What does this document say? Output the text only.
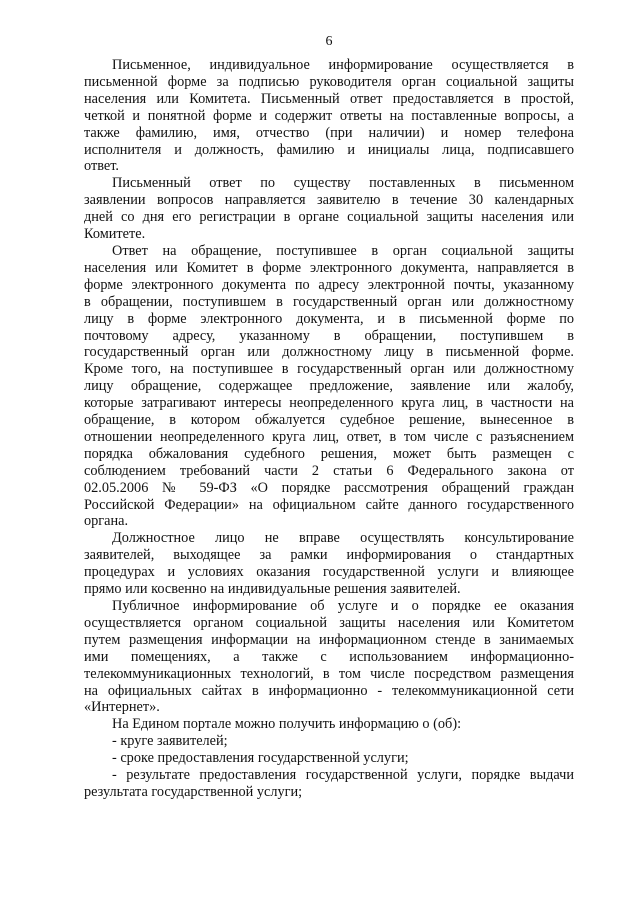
6
Письменное, индивидуальное информирование осуществляется в
письменной форме за подписью руководителя орган социальной защиты
населения или Комитета. Письменный ответ предоставляется в простой,
четкой и понятной форме и содержит ответы на поставленные вопросы, а
также фамилию, имя, отчество (при наличии) и номер телефона
исполнителя и должность, фамилию и инициалы лица, подписавшего
ответ.
Письменный ответ по существу поставленных в письменном
заявлении вопросов направляется заявителю в течение 30 календарных
дней со дня его регистрации в органе социальной защиты населения или
Комитете.
Ответ на обращение, поступившее в орган социальной защиты
населения или Комитет в форме электронного документа, направляется в
форме электронного документа по адресу электронной почты, указанному
в обращении, поступившем в государственный орган или должностному
лицу в форме электронного документа, и в письменной форме по
почтовому адресу, указанному в обращении, поступившем в
государственный орган или должностному лицу в письменной форме.
Кроме того, на поступившее в государственный орган или должностному
лицу обращение, содержащее предложение, заявление или жалобу,
которые затрагивают интересы неопределенного круга лиц, в частности на
обращение, в котором обжалуется судебное решение, вынесенное в
отношении неопределенного круга лиц, ответ, в том числе с разъяснением
порядка обжалования судебного решения, может быть размещен с
соблюдением требований части 2 статьи 6 Федерального закона от
02.05.2006 № 59-ФЗ «О порядке рассмотрения обращений граждан
Российской Федерации» на официальном сайте данного государственного
органа.
Должностное лицо не вправе осуществлять консультирование
заявителей, выходящее за рамки информирования о стандартных
процедурах и условиях оказания государственной услуги и влияющее
прямо или косвенно на индивидуальные решения заявителей.
Публичное информирование об услуге и о порядке ее оказания
осуществляется органом социальной защиты населения или Комитетом
путем размещения информации на информационном стенде в занимаемых
ими помещениях, а также с использованием информационно-
телекоммуникационных технологий, в том числе посредством размещения
на официальных сайтах в информационно - телекоммуникационной сети
«Интернет».
На Едином портале можно получить информацию о (об):
- круге заявителей;
- сроке предоставления государственной услуги;
- результате предоставления государственной услуги, порядке выдачи
результата государственной услуги;
